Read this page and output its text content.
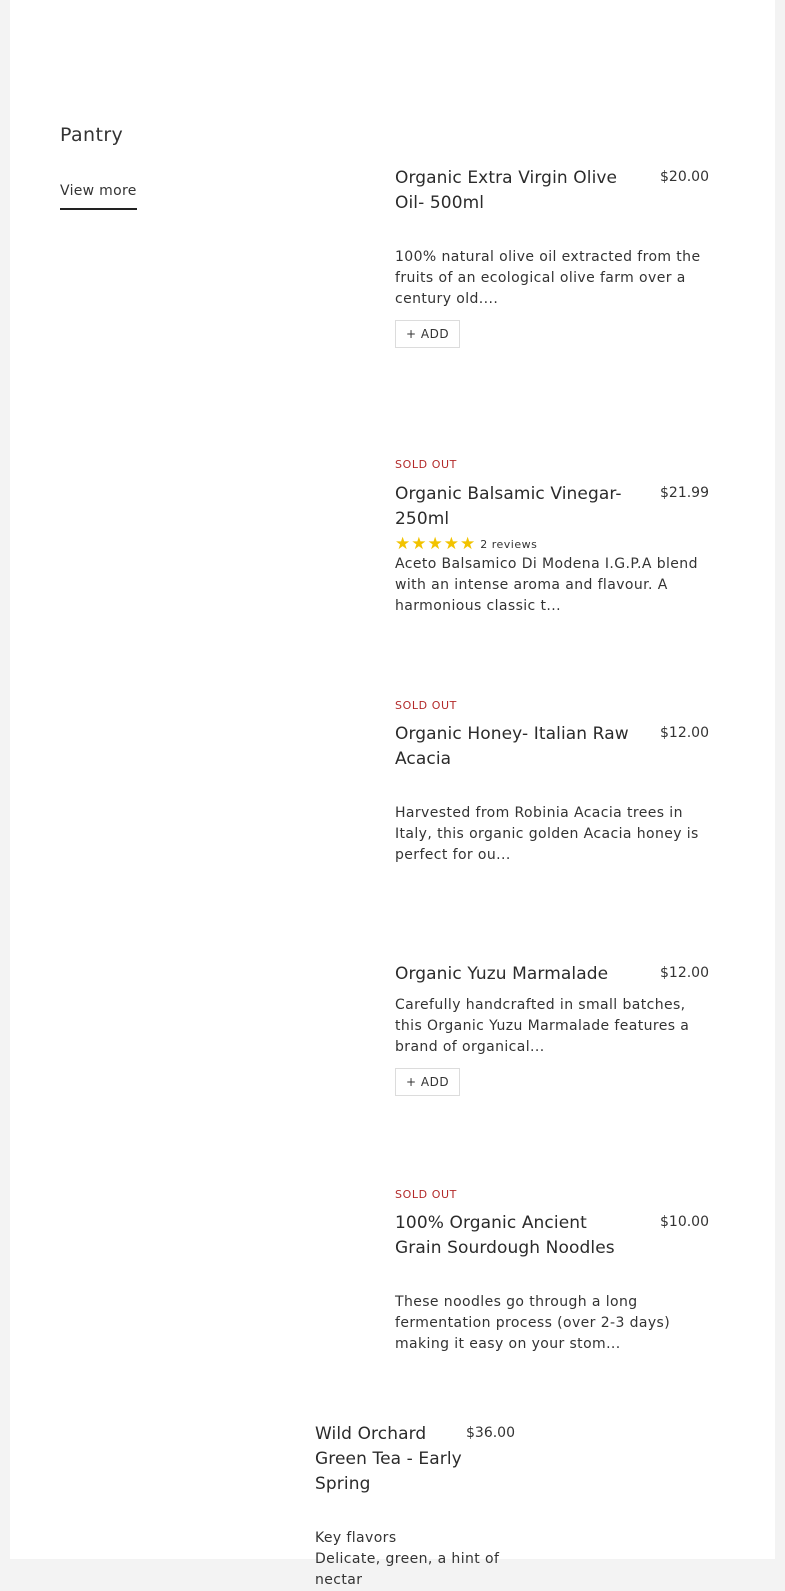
Pantry
View more
Organic Extra Virgin Olive Oil- 500ml
$20.00
100% natural olive oil extracted from the fruits of an ecological olive farm over a century old....
+ ADD
SOLD OUT
Organic Balsamic Vinegar- 250ml
$21.99
★★★★★ 2 reviews
Aceto Balsamico Di Modena I.G.P.A blend with an intense aroma and flavour. A harmonious classic t...
SOLD OUT
Organic Honey- Italian Raw Acacia
$12.00
Harvested from Robinia Acacia trees in Italy, this organic golden Acacia honey is perfect for ou...
Organic Yuzu Marmalade	$12.00
Carefully handcrafted in small batches, this Organic Yuzu Marmalade features a brand of organical...
+ ADD
SOLD OUT
100% Organic Ancient Grain Sourdough Noodles
$10.00
These noodles go through a long fermentation process (over 2-3 days) making it easy on your stom...
Wild Orchard Green Tea - Early Spring
$36.00
Key flavors
Delicate, green, a hint of nectar
